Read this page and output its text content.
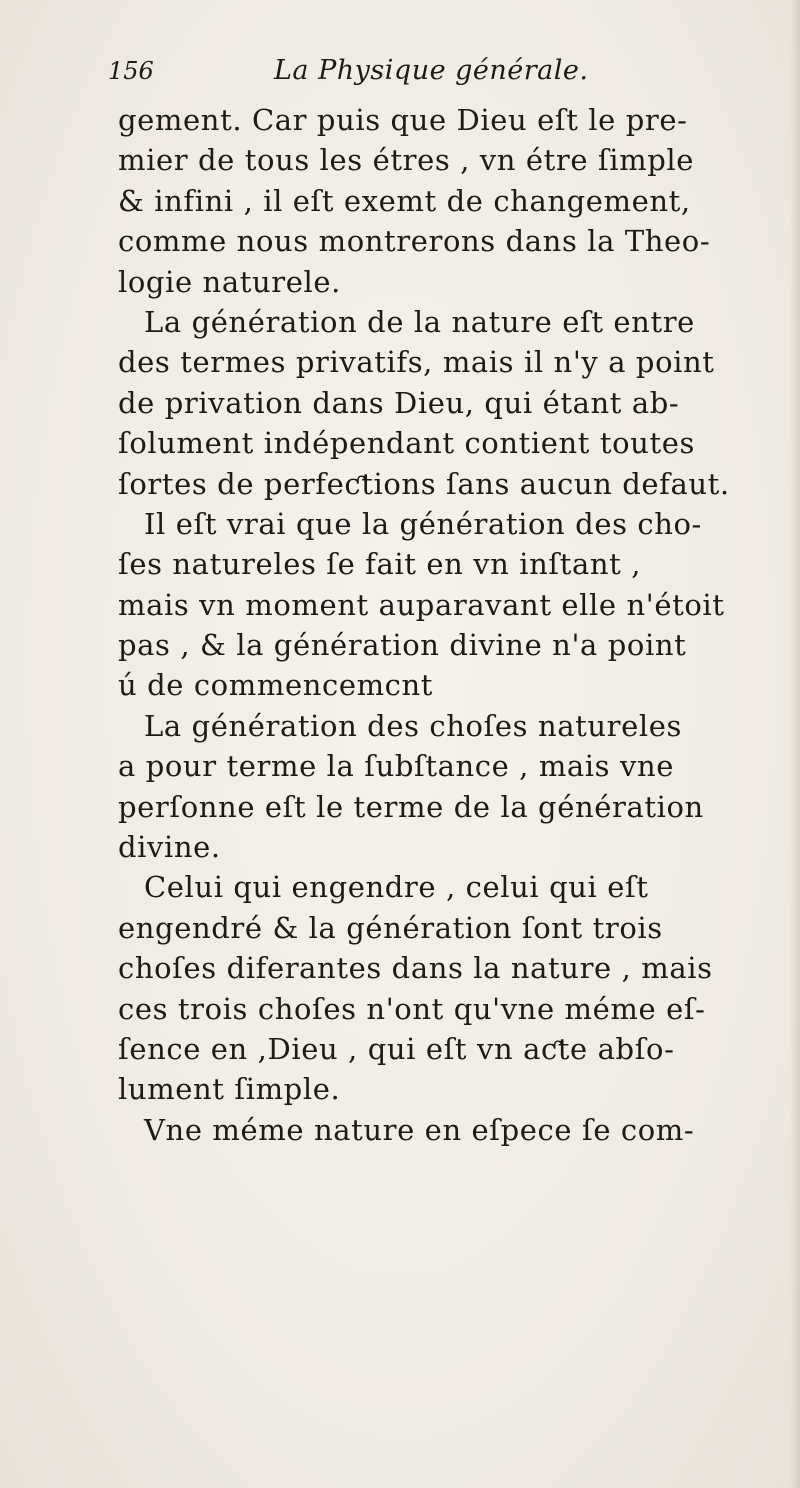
156	La Physique générale.
gement. Car puis que Dieu eſt le pre-
mier de tous les étres , vn étre ſimple
& infini , il eſt exemt de changement,
comme nous montrerons dans la Theo-
logie naturele.
La génération de la nature eſt entre
des termes privatifs, mais il n'y a point
de privation dans Dieu, qui étant ab-
ſolument indépendant contient toutes
ſortes de perfeƈtions ſans aucun defaut.
Il eſt vrai que la génération des cho-
ſes natureles ſe fait en vn inſtant ,
mais vn moment auparavant elle n'étoit
pas , & la génération divine n'a point
ú de commencemcnt
La génération des choſes natureles
a pour terme la ſubſtance , mais vne
perſonne eſt le terme de la génération
divine.
Celui qui engendre , celui qui eſt
engendré & la génération ſont trois
choſes diferantes dans la nature , mais
ces trois choſes n'ont qu'vne méme eſ-
ſence en ,Dieu , qui eſt vn aƈte abſo-
lument ſimple.
Vne méme nature en eſpece ſe com-
